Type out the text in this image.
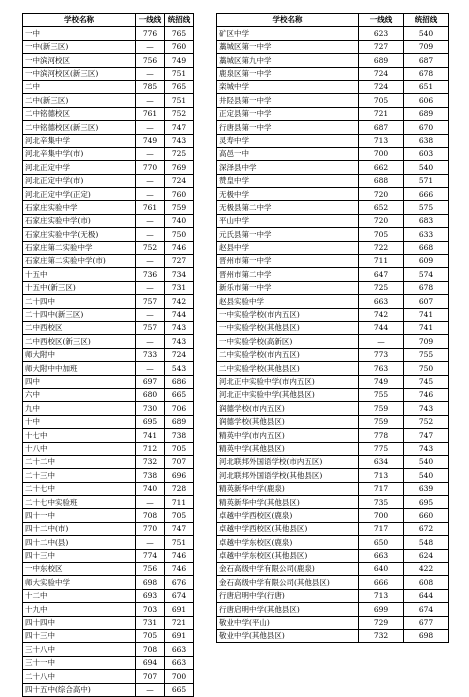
学校名称	一线线	统招线
一中	776	765
一中(新三区)	—	760
一中滨河校区	756	749
一中滨河校区(新三区)	—	751
二中	785	765
二中(新三区)	—	751
二中铭德校区	761	752
二中铭德校区(新三区)	—	747
河北辛集中学	749	743
河北辛集中学(市)	—	725
河北正定中学	770	769
河北正定中学(市)	—	724
河北正定中学(正定)	—	760
石家庄实验中学	761	759
石家庄实验中学(市)	—	740
石家庄实验中学(无极)	—	750
石家庄第二实验中学	752	746
石家庄第二实验中学(市)	—	727
十五中	736	734
十五中(新三区)	—	731
二十四中	757	742
二十四中(新三区)	—	744
二中西校区	757	743
二中西校区(新三区)	—	743
师大附中	733	724
师大附中中加班	—	543
四中	697	686
六中	680	665
九中	730	706
十中	695	689
十七中	741	738
十八中	712	705
二十二中	732	707
二十三中	738	696
二十七中	740	728
二十七中实验班	—	711
四十一中	708	705
四十二中(市)	770	747
四十二中(县)	—	751
四十三中	774	746
一中东校区	756	746
师大实验中学	698	676
十二中	693	674
十九中	703	691
四十四中	731	721
四十三中	705	691
三十八中	708	663
三十一中	694	663
二十八中	707	700
四十五中(综合高中)	—	665
学校名称	一线线	统招线
矿区中学	623	540
藁城区第一中学	727	709
藁城区第九中学	689	687
鹿泉区第一中学	724	678
栾城中学	724	651
井陉县第一中学	705	606
正定县第一中学	721	689
行唐县第一中学	687	670
灵寿中学	713	638
高邑一中	700	603
深泽县中学	662	540
赞皇中学	688	571
无极中学	720	666
无极县第二中学	652	575
平山中学	720	683
元氏县第一中学	705	633
赵县中学	722	668
晋州市第一中学	711	609
晋州市第二中学	647	574
新乐市第一中学	725	678
赵县实验中学	663	607
一中实验学校(市内五区)	742	741
一中实验学校(其他县区)	744	741
一中实验学校(高新区)	—	709
二中实验学校(市内五区)	773	755
二中实验学校(其他县区)	763	750
河北正中实验中学(市内五区)	749	745
河北正中实验中学(其他县区)	755	746
润德学校(市内五区)	759	743
润德学校(其他县区)	759	752
精英中学(市内五区)	778	747
精英中学(其他县区)	775	743
河北联邦外国语学校(市内五区)	634	540
河北联邦外国语学校(其他县区)	713	540
精英新华中学(鹿泉)	717	639
精英新华中学(其他县区)	735	695
卓越中学西校区(鹿泉)	700	660
卓越中学西校区(其他县区)	717	672
卓越中学东校区(鹿泉)	650	548
卓越中学东校区(其他县区)	663	624
金石高级中学有限公司(鹿泉)	640	422
金石高级中学有限公司(其他县区)	666	608
行唐启明中学(行唐)	713	644
行唐启明中学(其他县区)	699	674
敬业中学(平山)	729	677
敬业中学(其他县区)	732	698
